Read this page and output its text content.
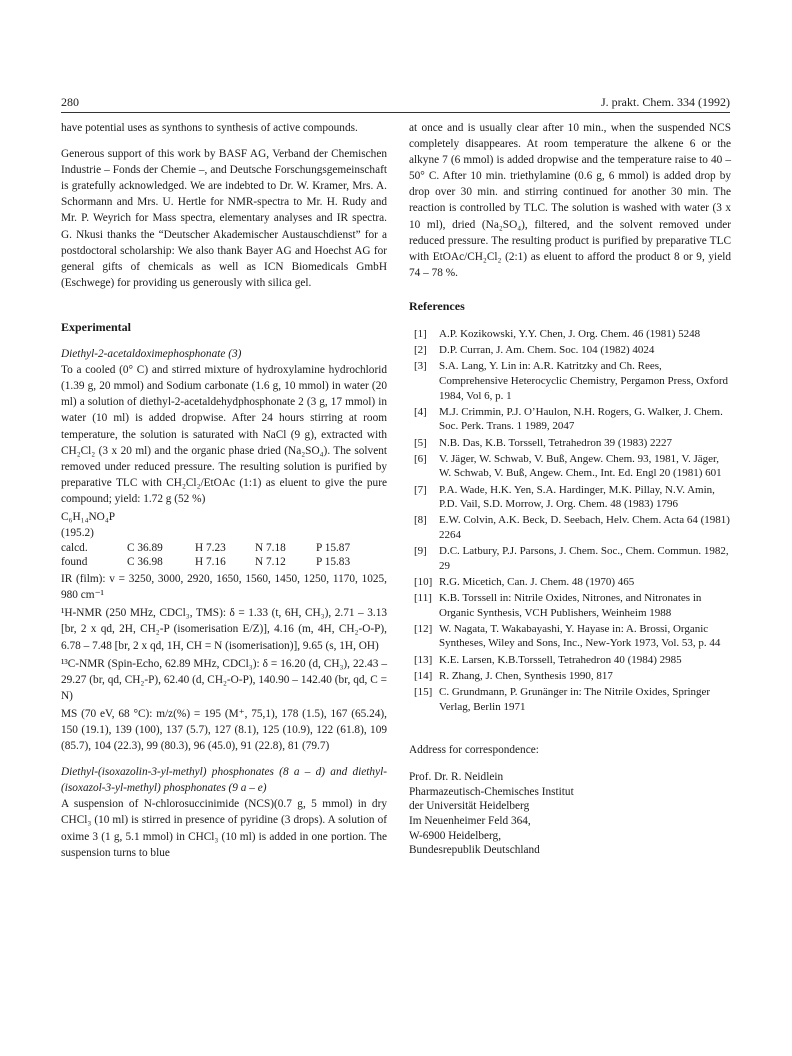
280	J. prakt. Chem. 334 (1992)

have potential uses as synthons to synthesis of active compounds.

Generous support of this work by BASF AG, Verband der Chemischen Industrie – Fonds der Chemie –, and Deutsche Forschungsgemeinschaft is gratefully acknowledged. We are indebted to Dr. W. Kramer, Mrs. A. Schormann and Mrs. U. Hertle for NMR-spectra to Mr. H. Rudy and Mr. P. Weyrich for Mass spectra, elementary analyses and IR spectra. G. Nkusi thanks the “Deutscher Akademischer Austauschdienst” for a postdoctoral scholarship: We also thank Bayer AG and Hoechst AG for general gifts of chemicals as well as ICN Biomedicals GmbH (Eschwege) for providing us generously with silica gel.

Experimental

Diethyl-2-acetaldoximephosphonate (3)

To a cooled (0° C) and stirred mixture of hydroxylamine hydrochlorid (1.39 g, 20 mmol) and Sodium carbonate (1.6 g, 10 mmol) in water (20 ml) a solution of diethyl-2-acetaldehydphosphonate 2 (3 g, 17 mmol) in water (10 ml) is added dropwise. After 24 hours stirring at room temperature, the solution is saturated with NaCl (9 g), extracted with CH₂Cl₂ (3 x 20 ml) and the organic phase dried (Na₂SO₄). The solvent removed under reduced pressure. The resulting solution is purified by preparative TLC with CH₂Cl₂/EtOAc (1:1) as eluent to give the pure compound; yield: 1.72 g (52 %)

C₆H₁₄NO₄P

(195.2)

calcd.	C 36.89	H 7.23	N 7.18	P 15.87
found	C 36.98	H 7.16	N 7.12	P 15.83

IR (film): v = 3250, 3000, 2920, 1650, 1560, 1450, 1250, 1170, 1025, 980 cm⁻¹

¹H-NMR (250 MHz, CDCl₃, TMS): δ = 1.33 (t, 6H, CH₃), 2.71 – 3.13 [br, 2 x qd, 2H, CH₂-P (isomerisation E/Z)], 4.16 (m, 4H, CH₂-O-P), 6.78 – 7.48 [br, 2 x qd, 1H, CH = N (isomerisation)], 9.65 (s, 1H, OH)

¹³C-NMR (Spin-Echo, 62.89 MHz, CDCl₃): δ = 16.20 (d, CH₃), 22.43 – 29.27 (br, qd, CH₂-P), 62.40 (d, CH₂-O-P), 140.90 – 142.40 (br, qd, C = N)

MS (70 eV, 68 °C): m/z(%) = 195 (M⁺, 75,1), 178 (1.5), 167 (65.24), 150 (19.1), 139 (100), 137 (5.7), 127 (8.1), 125 (10.9), 122 (61.8), 109 (85.7), 104 (22.3), 99 (80.3), 96 (45.0), 91 (22.8), 81 (79.7)

Diethyl-(isoxazolin-3-yl-methyl) phosphonates (8 a – d) and diethyl-(isoxazol-3-yl-methyl) phosphonates (9 a – e)

A suspension of N-chlorosuccinimide (NCS)(0.7 g, 5 mmol) in dry CHCl₃ (10 ml) is stirred in presence of pyridine (3 drops). A solution of oxime 3 (1 g, 5.1 mmol) in CHCl₃ (10 ml) is added in one portion. The suspension turns to blue

at once and is usually clear after 10 min., when the suspended NCS completely disappeares. At room temperature the alkene 6 or the alkyne 7 (6 mmol) is added dropwise and the temperature raise to 40 – 50° C. After 10 min. triethylamine (0.6 g, 6 mmol) is added drop by drop over 30 min. and stirring continued for another 30 min. The reaction is controlled by TLC. The solution is washed with water (3 x 10 ml), dried (Na₂SO₄), filtered, and the solvent removed under reduced pressure. The resulting product is purified by preparative TLC with EtOAc/CH₂Cl₂ (2:1) as eluent to afford the product 8 or 9, yield 74 – 78 %.

References
[1] A.P. Kozikowski, Y.Y. Chen, J. Org. Chem. 46 (1981) 5248
[2] D.P. Curran, J. Am. Chem. Soc. 104 (1982) 4024
[3] S.A. Lang, Y. Lin in: A.R. Katritzky and Ch. Rees, Comprehensive Heterocyclic Chemistry, Pergamon Press, Oxford 1984, Vol 6, p. 1
[4] M.J. Crimmin, P.J. O’Haulon, N.H. Rogers, G. Walker, J. Chem. Soc. Perk. Trans. 1 1989, 2047
[5] N.B. Das, K.B. Torssell, Tetrahedron 39 (1983) 2227
[6] V. Jäger, W. Schwab, V. Buß, Angew. Chem. 93, 1981, V. Jäger, W. Schwab, V. Buß, Angew. Chem., Int. Ed. Engl 20 (1981) 601
[7] P.A. Wade, H.K. Yen, S.A. Hardinger, M.K. Pillay, N.V. Amin, P.D. Vail, S.D. Morrow, J. Org. Chem. 48 (1983) 1796
[8] E.W. Colvin, A.K. Beck, D. Seebach, Helv. Chem. Acta 64 (1981) 2264
[9] D.C. Latbury, P.J. Parsons, J. Chem. Soc., Chem. Commun. 1982, 29
[10] R.G. Micetich, Can. J. Chem. 48 (1970) 465
[11] K.B. Torssell in: Nitrile Oxides, Nitrones, and Nitronates in Organic Synthesis, VCH Publishers, Weinheim 1988
[12] W. Nagata, T. Wakabayashi, Y. Hayase in: A. Brossi, Organic Syntheses, Wiley and Sons, Inc., New-York 1973, Vol. 53, p. 44
[13] K.E. Larsen, K.B.Torssell, Tetrahedron 40 (1984) 2985
[14] R. Zhang, J. Chen, Synthesis 1990, 817
[15] C. Grundmann, P. Grunänger in: The Nitrile Oxides, Springer Verlag, Berlin 1971

Address for correspondence:

Prof. Dr. R. Neidlein
Pharmazeutisch-Chemisches Institut
der Universität Heidelberg
Im Neuenheimer Feld 364,
W-6900 Heidelberg,
Bundesrepublik Deutschland
